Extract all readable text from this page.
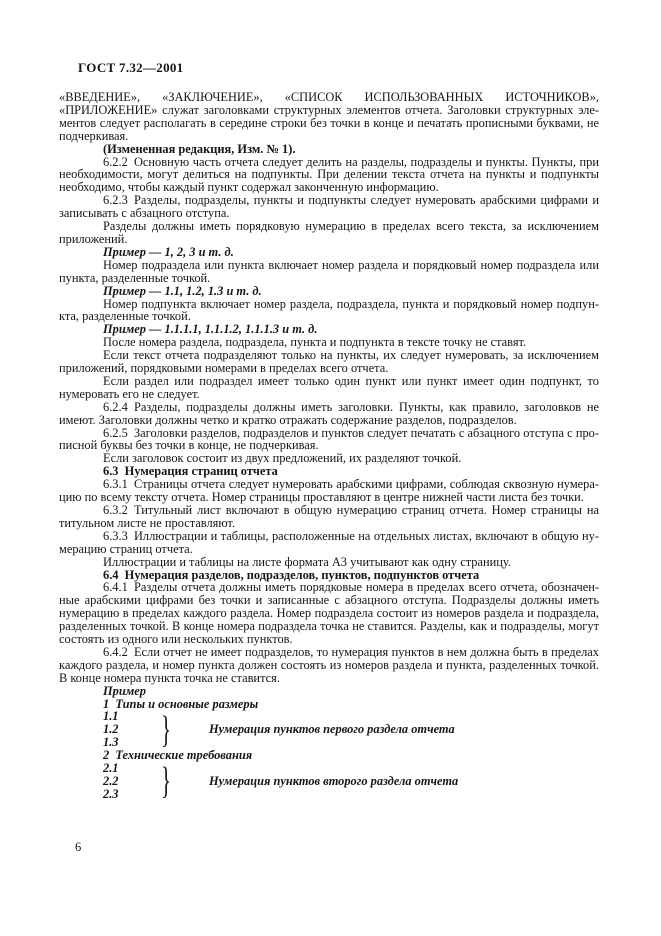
ГОСТ 7.32—2001

«ВВЕДЕНИЕ», «ЗАКЛЮЧЕНИЕ», «СПИСОК ИСПОЛЬЗОВАННЫХ ИСТОЧНИКОВ», «ПРИЛОЖЕНИЕ» служат заголовками структурных элементов отчета. Заголовки структурных элементов следует располагать в середине строки без точки в конце и печатать прописными буквами, не подчеркивая.

(Измененная редакция, Изм. № 1).

6.2.2 Основную часть отчета следует делить на разделы, подразделы и пункты. Пункты, при необходимости, могут делиться на подпункты. При делении текста отчета на пункты и подпункты необходимо, чтобы каждый пункт содержал законченную информацию.

6.2.3 Разделы, подразделы, пункты и подпункты следует нумеровать арабскими цифрами и записывать с абзацного отступа.

Разделы должны иметь порядковую нумерацию в пределах всего текста, за исключением приложений.

Пример — 1, 2, 3 и т. д.

Номер подраздела или пункта включает номер раздела и порядковый номер подраздела или пункта, разделенные точкой.

Пример — 1.1, 1.2, 1.3 и т. д.

Номер подпункта включает номер раздела, подраздела, пункта и порядковый номер подпункта, разделенные точкой.

Пример — 1.1.1.1, 1.1.1.2, 1.1.1.3 и т. д.

После номера раздела, подраздела, пункта и подпункта в тексте точку не ставят.

Если текст отчета подразделяют только на пункты, их следует нумеровать, за исключением приложений, порядковыми номерами в пределах всего отчета.

Если раздел или подраздел имеет только один пункт или пункт имеет один подпункт, то нумеровать его не следует.

6.2.4 Разделы, подразделы должны иметь заголовки. Пункты, как правило, заголовков не имеют. Заголовки должны четко и кратко отражать содержание разделов, подразделов.

6.2.5 Заголовки разделов, подразделов и пунктов следует печатать с абзацного отступа с прописной буквы без точки в конце, не подчеркивая.

Если заголовок состоит из двух предложений, их разделяют точкой.

6.3 Нумерация страниц отчета

6.3.1 Страницы отчета следует нумеровать арабскими цифрами, соблюдая сквозную нумерацию по всему тексту отчета. Номер страницы проставляют в центре нижней части листа без точки.

6.3.2 Титульный лист включают в общую нумерацию страниц отчета. Номер страницы на титульном листе не проставляют.

6.3.3 Иллюстрации и таблицы, расположенные на отдельных листах, включают в общую нумерацию страниц отчета.

Иллюстрации и таблицы на листе формата А3 учитывают как одну страницу.

6.4 Нумерация разделов, подразделов, пунктов, подпунктов отчета

6.4.1 Разделы отчета должны иметь порядковые номера в пределах всего отчета, обозначенные арабскими цифрами без точки и записанные с абзацного отступа. Подразделы должны иметь нумерацию в пределах каждого раздела. Номер подраздела состоит из номеров раздела и подраздела, разделенных точкой. В конце номера подраздела точка не ставится. Разделы, как и подразделы, могут состоять из одного или нескольких пунктов.

6.4.2 Если отчет не имеет подразделов, то нумерация пунктов в нем должна быть в пределах каждого раздела, и номер пункта должен состоять из номеров раздела и пункта, разделенных точкой. В конце номера пункта точка не ставится.

Пример

1 Типы и основные размеры

1.1
1.2
1.3	}	Нумерация пунктов первого раздела отчета

2 Технические требования

2.1
2.2
2.3	}	Нумерация пунктов второго раздела отчета
6
